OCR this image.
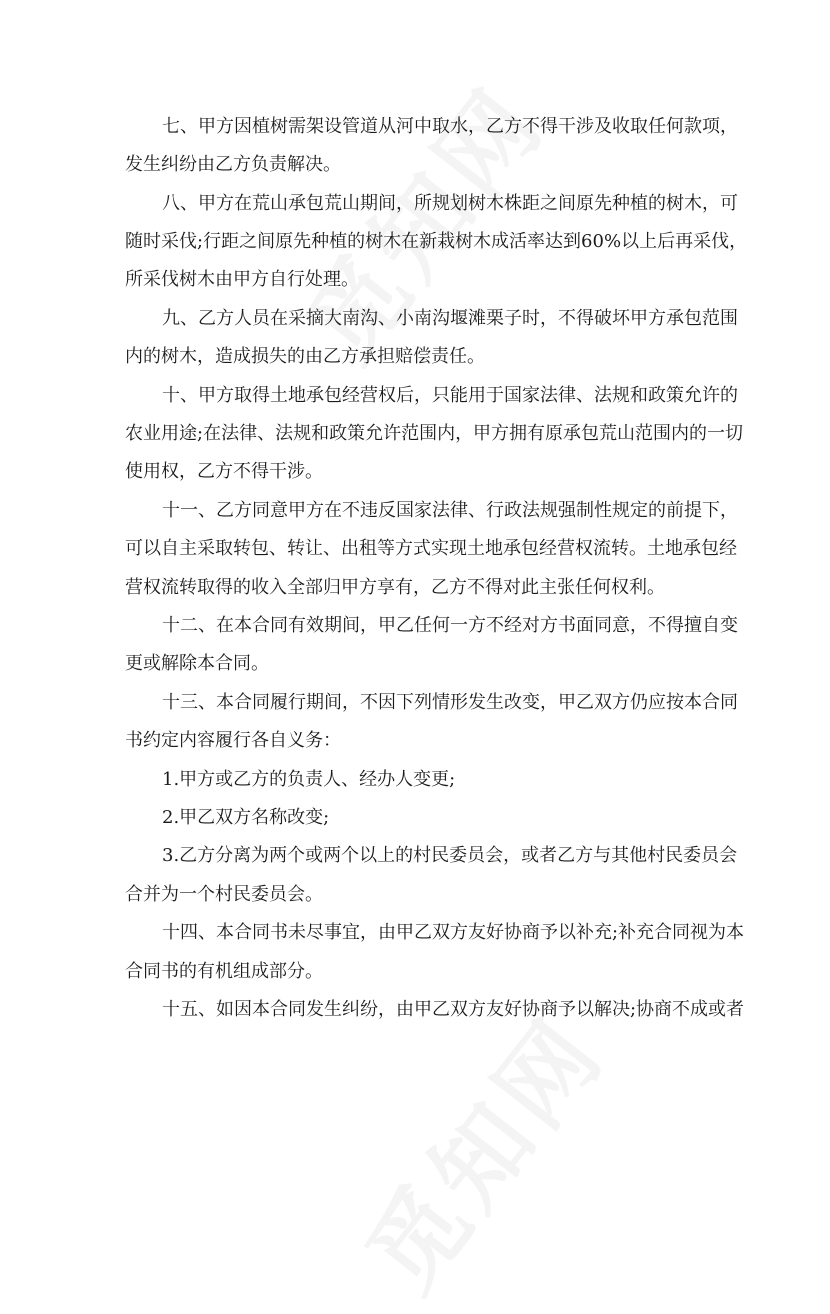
七、甲方因植树需架设管道从河中取水，乙方不得干涉及收取任何款项，

发生纠纷由乙方负责解决。

八、甲方在荒山承包荒山期间，所规划树木株距之间原先种植的树木，可

随时采伐;行距之间原先种植的树木在新栽树木成活率达到60%以上后再采伐，

所采伐树木由甲方自行处理。

九、乙方人员在采摘大南沟、小南沟堰滩栗子时，不得破坏甲方承包范围

内的树木，造成损失的由乙方承担赔偿责任。

十、甲方取得土地承包经营权后，只能用于国家法律、法规和政策允许的

农业用途;在法律、法规和政策允许范围内，甲方拥有原承包荒山范围内的一切

使用权，乙方不得干涉。

十一、乙方同意甲方在不违反国家法律、行政法规强制性规定的前提下，

可以自主采取转包、转让、出租等方式实现土地承包经营权流转。土地承包经

营权流转取得的收入全部归甲方享有，乙方不得对此主张任何权利。

十二、在本合同有效期间，甲乙任何一方不经对方书面同意，不得擅自变

更或解除本合同。

十三、本合同履行期间，不因下列情形发生改变，甲乙双方仍应按本合同

书约定内容履行各自义务：

1.甲方或乙方的负责人、经办人变更;

2.甲乙双方名称改变;

3.乙方分离为两个或两个以上的村民委员会，或者乙方与其他村民委员会

合并为一个村民委员会。

十四、本合同书未尽事宜，由甲乙双方友好协商予以补充;补充合同视为本

合同书的有机组成部分。

十五、如因本合同发生纠纷，由甲乙双方友好协商予以解决;协商不成或者
